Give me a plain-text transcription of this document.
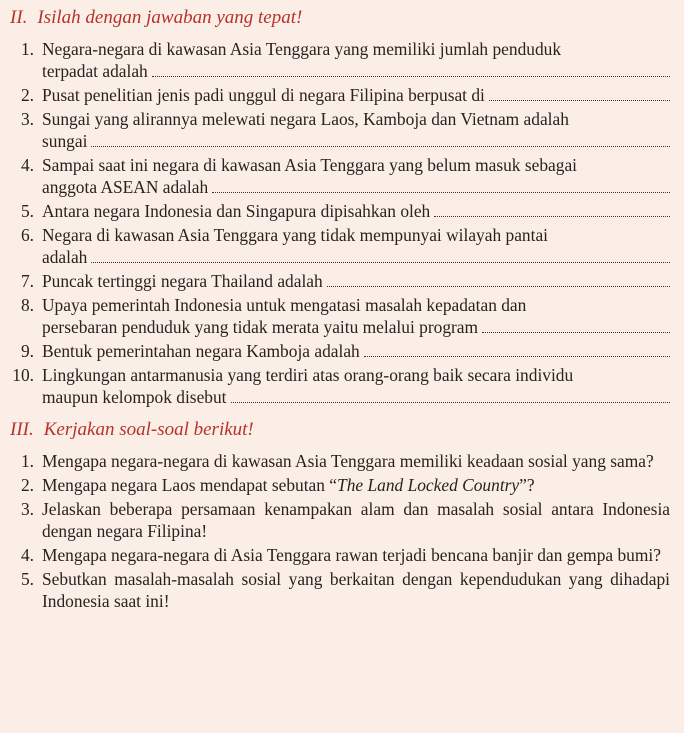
II. Isilah dengan jawaban yang tepat!
1. Negara-negara di kawasan Asia Tenggara yang memiliki jumlah penduduk
terpadat adalah
2. Pusat penelitian jenis padi unggul di negara Filipina berpusat di
3. Sungai yang alirannya melewati negara Laos, Kamboja dan Vietnam adalah
sungai
4. Sampai saat ini negara di kawasan Asia Tenggara yang belum masuk sebagai
anggota ASEAN adalah
5. Antara negara Indonesia dan Singapura dipisahkan oleh
6. Negara di kawasan Asia Tenggara yang tidak mempunyai wilayah pantai
adalah
7. Puncak tertinggi negara Thailand adalah
8. Upaya pemerintah Indonesia untuk mengatasi masalah kepadatan dan
persebaran penduduk yang tidak merata yaitu melalui program
9. Bentuk pemerintahan negara Kamboja adalah
10. Lingkungan antarmanusia yang terdiri atas orang-orang baik secara individu
maupun kelompok disebut
III. Kerjakan soal-soal berikut!
1. Mengapa negara-negara di kawasan Asia Tenggara memiliki keadaan sosial yang sama?
2. Mengapa negara Laos mendapat sebutan “The Land Locked Country”?
3. Jelaskan beberapa persamaan kenampakan alam dan masalah sosial antara Indonesia dengan negara Filipina!
4. Mengapa negara-negara di Asia Tenggara rawan terjadi bencana banjir dan gempa bumi?
5. Sebutkan masalah-masalah sosial yang berkaitan dengan kependudukan yang dihadapi Indonesia saat ini!
